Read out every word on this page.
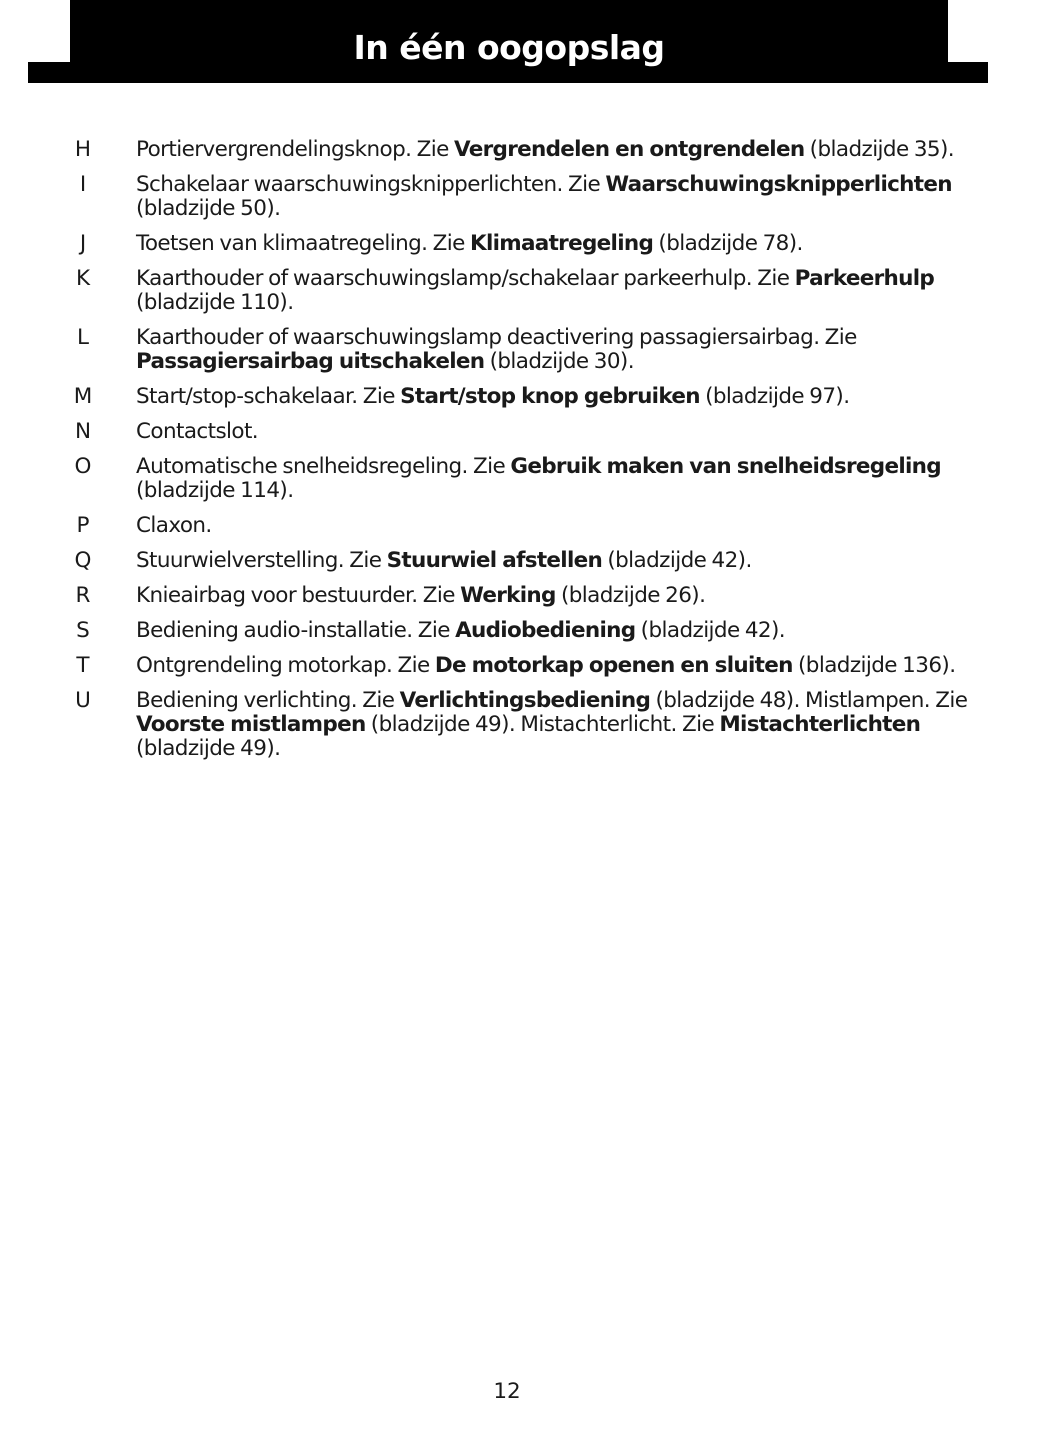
In één oogopslag
H	Portiervergrendelingsknop. Zie Vergrendelen en ontgrendelen (bladzijde 35).
I	Schakelaar waarschuwingsknipperlichten. Zie Waarschuwingsknipperlichten (bladzijde 50).
J	Toetsen van klimaatregeling. Zie Klimaatregeling (bladzijde 78).
K	Kaarthouder of waarschuwingslamp/schakelaar parkeerhulp. Zie Parkeerhulp (bladzijde 110).
L	Kaarthouder of waarschuwingslamp deactivering passagiersairbag. Zie Passagiersairbag uitschakelen (bladzijde 30).
M	Start/stop-schakelaar. Zie Start/stop knop gebruiken (bladzijde 97).
N	Contactslot.
O	Automatische snelheidsregeling. Zie Gebruik maken van snelheidsregeling (bladzijde 114).
P	Claxon.
Q	Stuurwielverstelling. Zie Stuurwiel afstellen (bladzijde 42).
R	Knieairbag voor bestuurder. Zie Werking (bladzijde 26).
S	Bediening audio-installatie. Zie Audiobediening (bladzijde 42).
T	Ontgrendeling motorkap. Zie De motorkap openen en sluiten (bladzijde 136).
U	Bediening verlichting. Zie Verlichtingsbediening (bladzijde 48). Mistlampen. Zie Voorste mistlampen (bladzijde 49). Mistachterlicht. Zie Mistachterlichten (bladzijde 49).
12
